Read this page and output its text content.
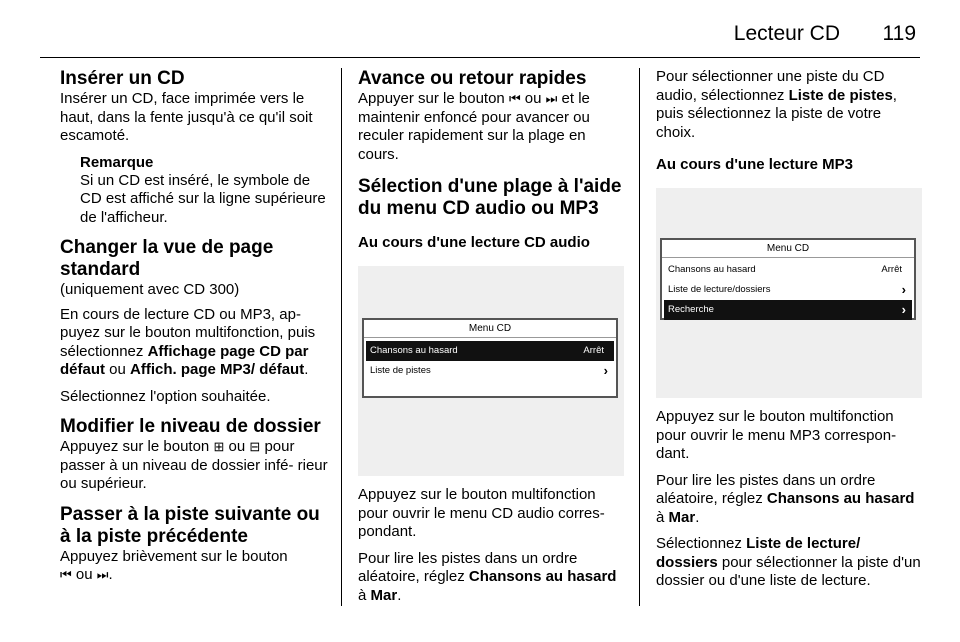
Lecteur CD 119
Insérer un CD

Insérer un CD, face imprimée vers le haut, dans la fente jusqu'à ce qu'il soit escamoté.

Remarque

Si un CD est inséré, le symbole de CD est affiché sur la ligne supérieure de l'afficheur.

Changer la vue de page standard

(uniquement avec CD 300)

En cours de lecture CD ou MP3, ap- puyez sur le bouton multifonction, puis sélectionnez Affichage page CD par défaut ou Affich. page MP3/ défaut.

Sélectionnez l'option souhaitée.

Modifier le niveau de dossier

Appuyez sur le bouton ⊞ ou ⊟ pour passer à un niveau de dossier infé- rieur ou supérieur.

Passer à la piste suivante ou à la piste précédente

Appuyez brièvement sur le bouton
⏮ ou ⏭.

Avance ou retour rapides

Appuyer sur le bouton ⏮ ou ⏭ et le maintenir enfoncé pour avancer ou reculer rapidement sur la plage en cours.

Sélection d'une plage à l'aide du menu CD audio ou MP3
Au cours d'une lecture CD audio
Menu CD
Chansons au hasard	Arrêt
Liste de pistes	›

Appuyez sur le bouton multifonction pour ouvrir le menu CD audio corres- pondant.

Pour lire les pistes dans un ordre aléatoire, réglez Chansons au hasard à Mar.

Pour sélectionner une piste du CD audio, sélectionnez Liste de pistes, puis sélectionnez la piste de votre choix.

Au cours d'une lecture MP3
Menu CD
Chansons au hasard	Arrêt
Liste de lecture/dossiers	›
Recherche	›

Appuyez sur le bouton multifonction pour ouvrir le menu MP3 correspon- dant.

Pour lire les pistes dans un ordre aléatoire, réglez Chansons au hasard à Mar.

Sélectionnez Liste de lecture/ dossiers pour sélectionner la piste d'un dossier ou d'une liste de lecture.
